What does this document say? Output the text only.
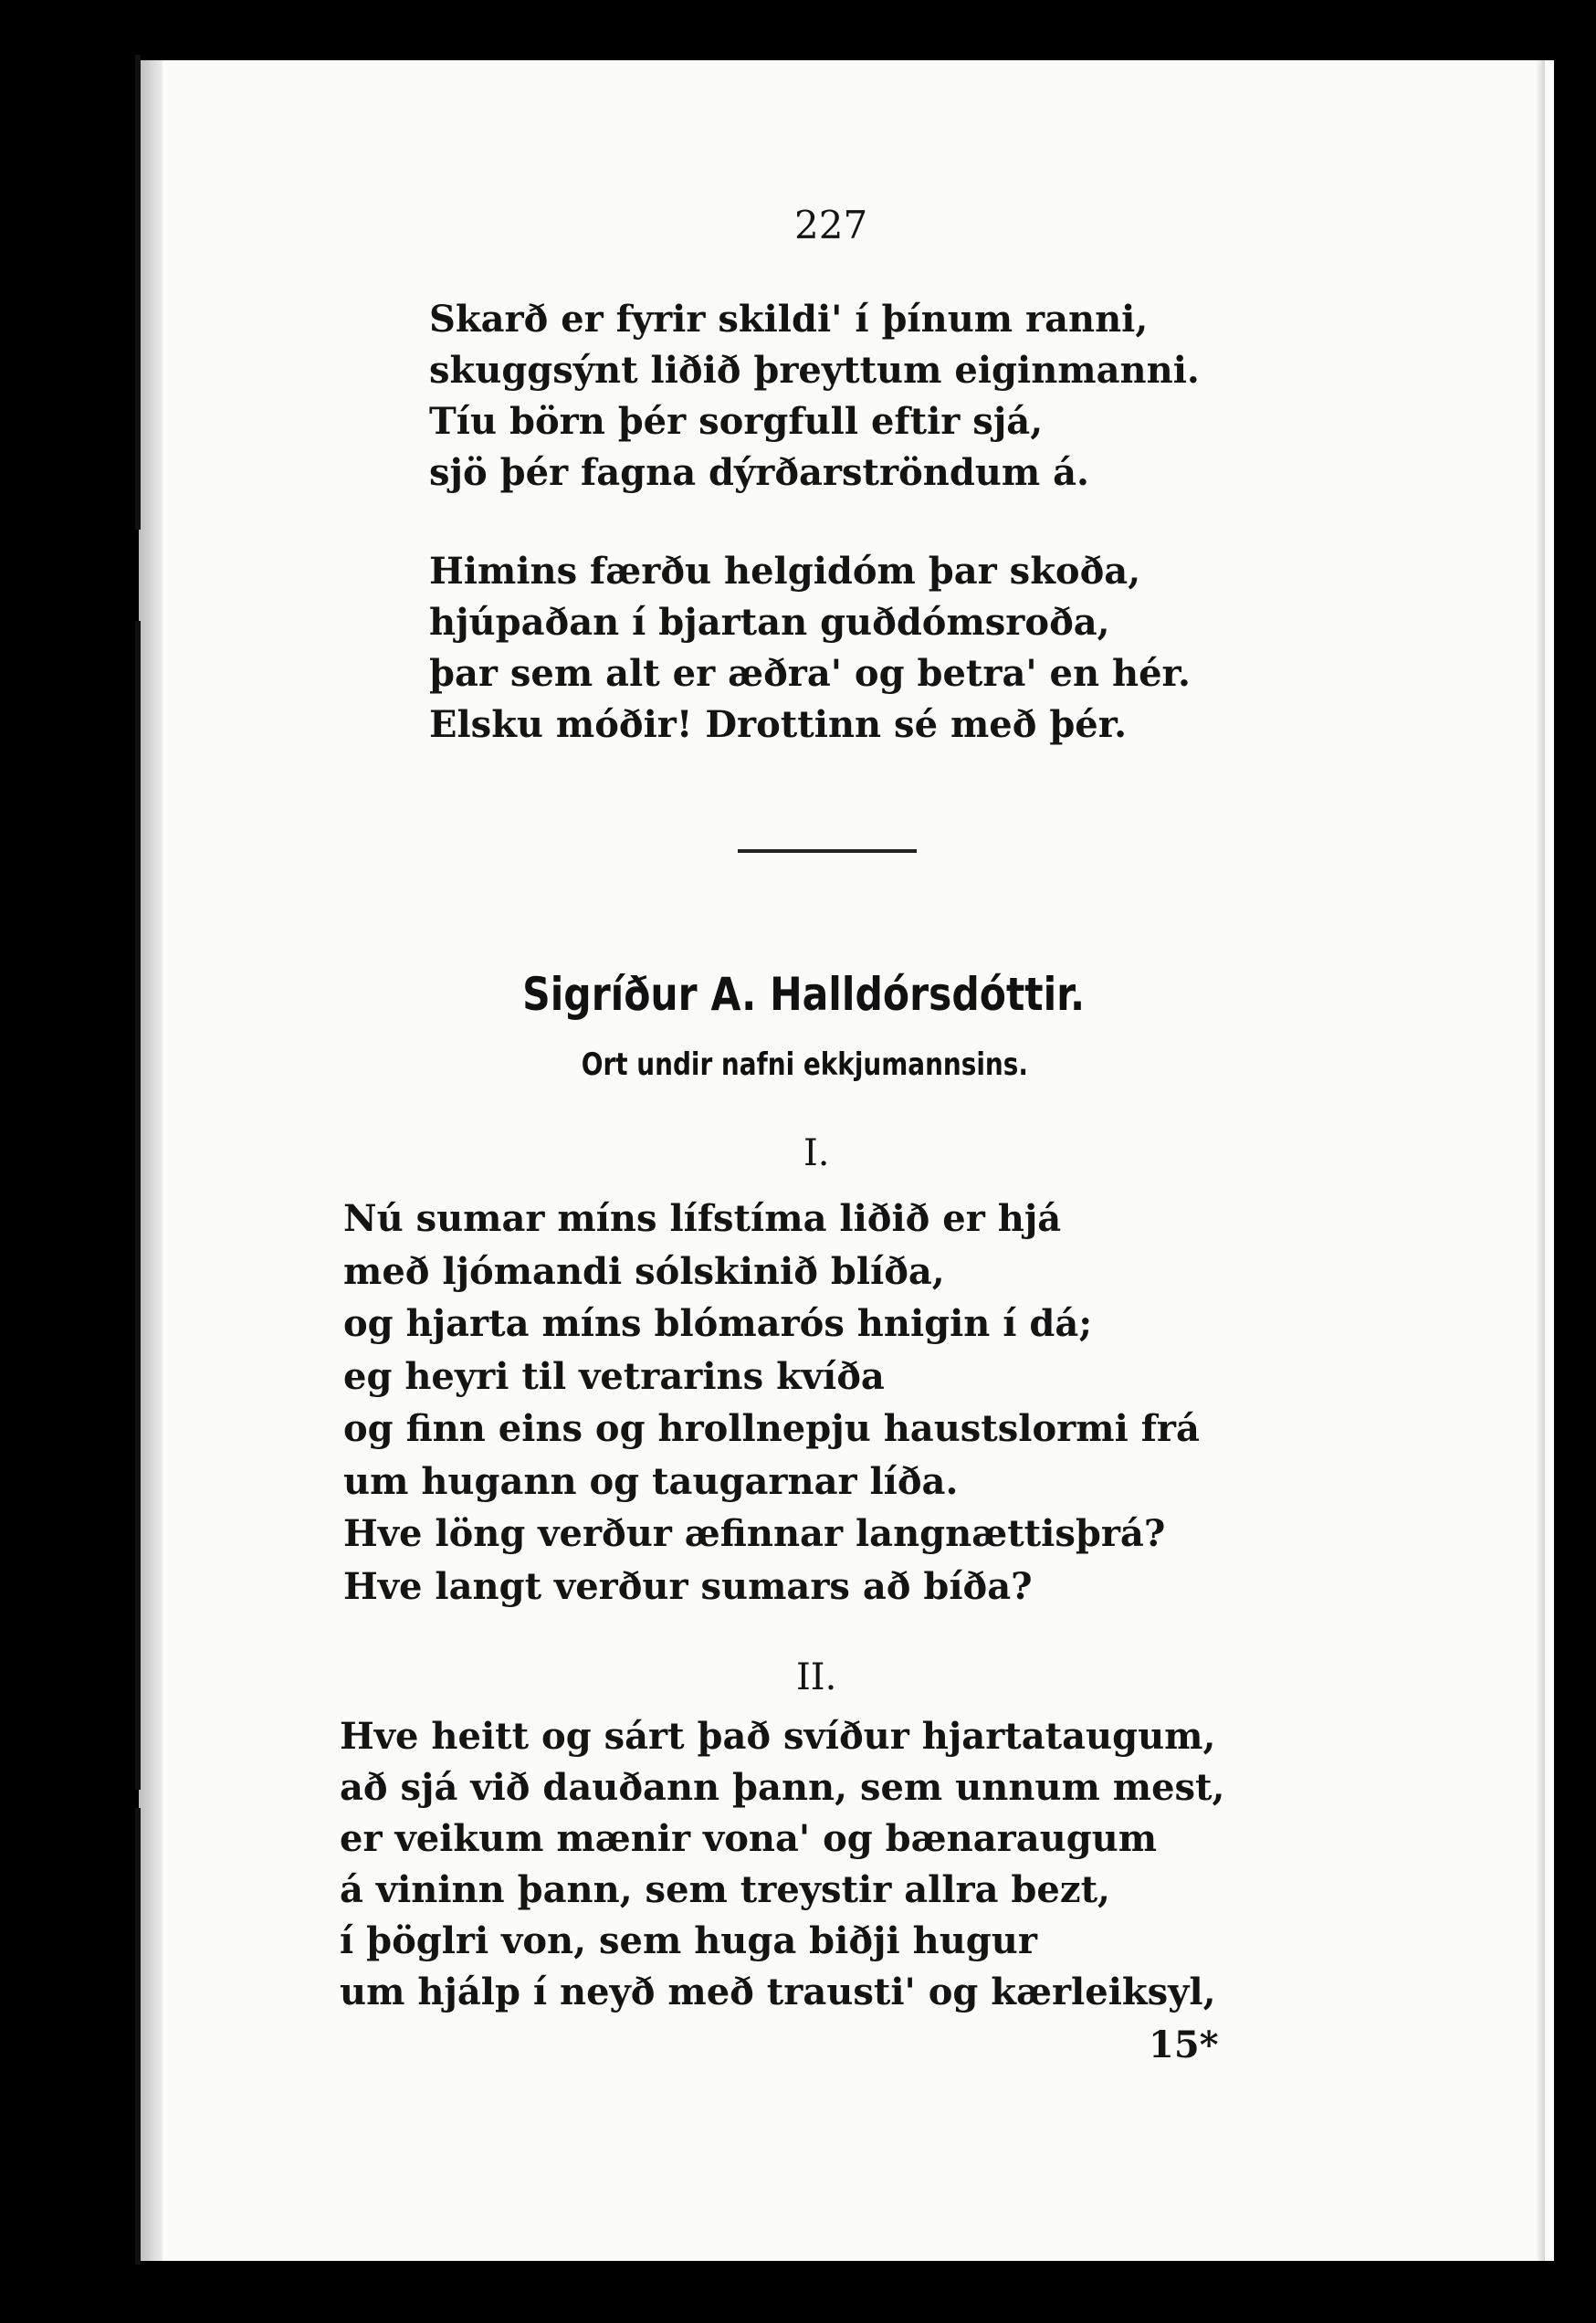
227
Skarð er fyrir skildi' í þínum ranni,
skuggsýnt liðið þreyttum eiginmanni.
Tíu börn þér sorgfull eftir sjá,
sjö þér fagna dýrðarströndum á.
Himins færðu helgidóm þar skoða,
hjúpaðan í bjartan guðdómsroða,
þar sem alt er æðra' og betra' en hér.
Elsku móðir! Drottinn sé með þér.
Sigríður A. Halldórsdóttir.
Ort undir nafni ekkjumannsins.
I.
Nú sumar míns lífstíma liðið er hjá
með ljómandi sólskinið blíða,
og hjarta míns blómarós hnigin í dá;
eg heyri til vetrarins kvíða
og finn eins og hrollnepju haustslormi frá
um hugann og taugarnar líða.
Hve löng verður æfinnar langnættisþrá?
Hve langt verður sumars að bíða?
II.
Hve heitt og sárt það svíður hjartataugum,
að sjá við dauðann þann, sem unnum mest,
er veikum mænir vona' og bænaraugum
á vininn þann, sem treystir allra bezt,
í þöglri von, sem huga biðji hugur
um hjálp í neyð með trausti' og kærleiksyl,
15*
